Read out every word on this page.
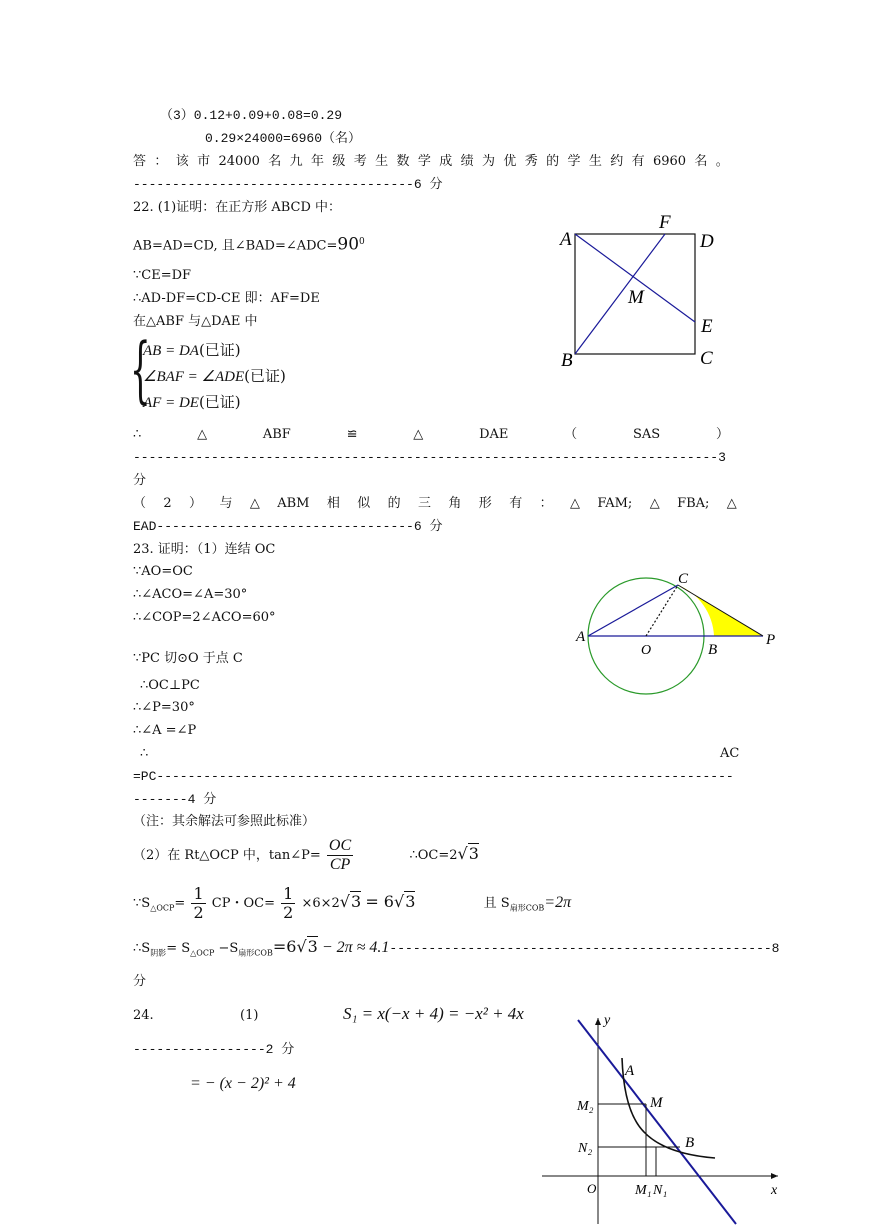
（3）0.12+0.09+0.08=0.29
0.29×24000=6960（名）
答 ： 该 市 24000 名 九 年 级 考 生 数 学 成 绩 为 优 秀 的 学 生 约 有 6960 名 。
------------------------------------6 分
22. (1)证明：在正方形 ABCD 中：
AB=AD=CD, 且$\angle BAD=\angle ADC=90^0$
∵CE=DF
∴AD-DF=CD-CE 即：AF=DE
在△ABF 与△DAE 中
{
AB = DA(已证)
∠BAF = ∠ADE(已证)
AF = DE(已证)
∴	△	ABF	≌	△	DAE	（	SAS	）
---------------------------------------------------------------------------3
分
（ 2 ） 与 △ ABM 相 似 的 三 角 形 有 ： △ FAM; △ FBA; △
EAD---------------------------------6 分
A	D
F
M
E
B	C
23. 证明：（1）连结 OC
∵AO=OC
∴∠ACO=∠A=30°
∴∠COP=2∠ACO=60°
∵PC 切⊙O 于点 C
∴OC⊥PC
∴∠P=30°
∴∠A =∠P
∴	AC
=PC--------------------------------------------------------------------------
-------4 分
（注：其余解法可参照此标准）
（2）在 Rt△OCP 中，tan∠P= $\frac{OC}{CP}$	∴OC=2√3
$\because S_{\triangle OCP}= \frac{1}{2}$ CP・$OC= \frac{1}{2} \times 6\times 2√3 = 6√3$	且 $S_{扇形COB}=2\pi$
$\therefore S_{阴影}= S_{\triangle OCP} -S_{扇形COB}=6√3 - 2\pi \approx 4.1-------------------------------------------------8$
分
A
C
O	B
P
24.	(1)	S₁ = x(−x + 4) = −x² + 4x
-----------------2 分
= − (x − 2)² + 4
y
x
O
A
M
B
M₂
N₂
M₁ N₁
